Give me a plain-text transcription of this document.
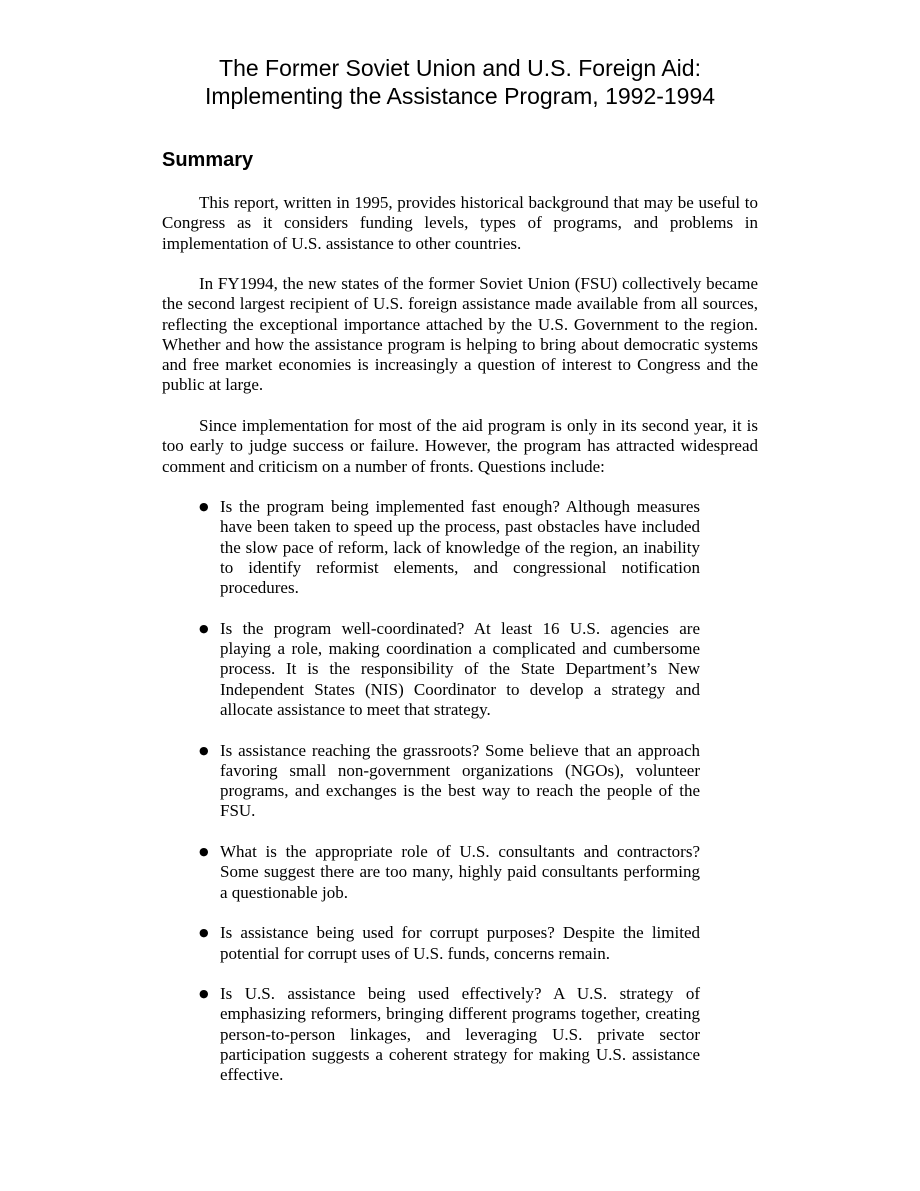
The Former Soviet Union and U.S. Foreign Aid:
Implementing the Assistance Program, 1992-1994
Summary

This report, written in 1995, provides historical background that may be useful to Congress as it considers funding levels, types of programs, and problems in implementation of U.S. assistance to other countries.

In FY1994, the new states of the former Soviet Union (FSU) collectively became the second largest recipient of U.S. foreign assistance made available from all sources, reflecting the exceptional importance attached by the U.S. Government to the region. Whether and how the assistance program is helping to bring about democratic systems and free market economies is increasingly a question of interest to Congress and the public at large.

Since implementation for most of the aid program is only in its second year, it is too early to judge success or failure. However, the program has attracted widespread comment and criticism on a number of fronts. Questions include:

● Is the program being implemented fast enough? Although measures have been taken to speed up the process, past obstacles have included the slow pace of reform, lack of knowledge of the region, an inability to identify reformist elements, and congressional notification procedures.
● Is the program well-coordinated? At least 16 U.S. agencies are playing a role, making coordination a complicated and cumbersome process. It is the responsibility of the State Department’s New Independent States (NIS) Coordinator to develop a strategy and allocate assistance to meet that strategy.
● Is assistance reaching the grassroots? Some believe that an approach favoring small non-government organizations (NGOs), volunteer programs, and exchanges is the best way to reach the people of the FSU.
● What is the appropriate role of U.S. consultants and contractors? Some suggest there are too many, highly paid consultants performing a questionable job.
● Is assistance being used for corrupt purposes? Despite the limited potential for corrupt uses of U.S. funds, concerns remain.
● Is U.S. assistance being used effectively? A U.S. strategy of emphasizing reformers, bringing different programs together, creating person-to-person linkages, and leveraging U.S. private sector participation suggests a coherent strategy for making U.S. assistance effective.
